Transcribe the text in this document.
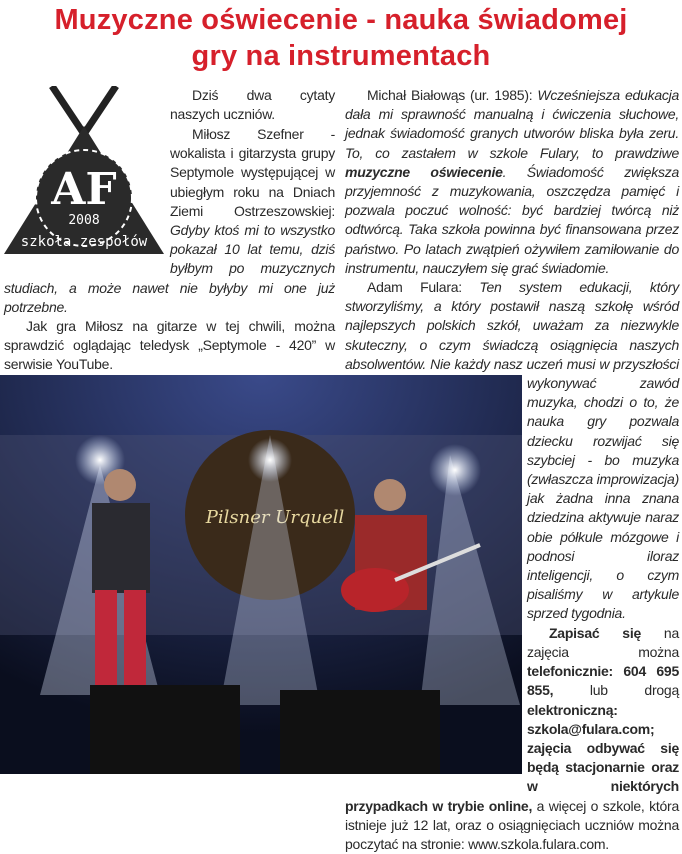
Muzyczne oświecenie - nauka świadomej
gry na instrumentach
AF
2008
szkoła zespołów

Dziś dwa cytaty naszych uczniów.

Miłosz Szefner - wokalista i gitarzysta grupy Septymole występującej w ubiegłym roku na Dniach Ziemi Ostrzeszowskiej: Gdyby ktoś mi to wszystko pokazał 10 lat temu, dziś byłbym po muzycznych studiach, a może nawet nie byłyby mi one już potrzebne.

Jak gra Miłosz na gitarze w tej chwili, można sprawdzić oglądając teledysk „Septymole - 420” w serwisie YouTube.

Michał Białowąs (ur. 1985): Wcześniejsza edukacja dała mi sprawność manualną i ćwiczenia słuchowe, jednak świadomość granych utworów bliska była zeru. To, co zastałem w szkole Fulary, to prawdziwe muzyczne oświecenie. Świadomość zwiększa przyjemność z muzykowania, oszczędza pamięć i pozwala poczuć wolność: być bardziej twórcą niż odtwórcą. Taka szkoła powinna być finansowana przez państwo. Po latach zwątpień ożywiłem zamiłowanie do instrumentu, nauczyłem się grać świadomie.

Adam Fulara: Ten system edukacji, który stworzyliśmy, a który postawił naszą szkołę wśród najlepszych polskich szkół, uważam za niezwykle skuteczny, o czym świadczą osiągnięcia naszych absolwentów. Nie każdy nasz uczeń musi w przyszłości wykonywać zawód muzyka, chodzi o to, że nauka gry pozwala dziecku rozwijać się szybciej - bo muzyka (zwłaszcza improwizacja) jak żadna inna znana dziedzina aktywuje naraz obie półkule mózgowe i podnosi iloraz inteligencji, o czym pisaliśmy w artykule sprzed tygodnia.

Zapisać się na zajęcia można telefonicznie: 604 695 855, lub drogą elektroniczną: szkola@fulara.com; zajęcia odbywać się będą stacjonarnie oraz w niektórych przypadkach w trybie online, a więcej o szkole, która istnieje już 12 lat, oraz o osiągnięciach uczniów można poczytać na stronie: www.szkola.fulara.com.

Pilsner Urquell
